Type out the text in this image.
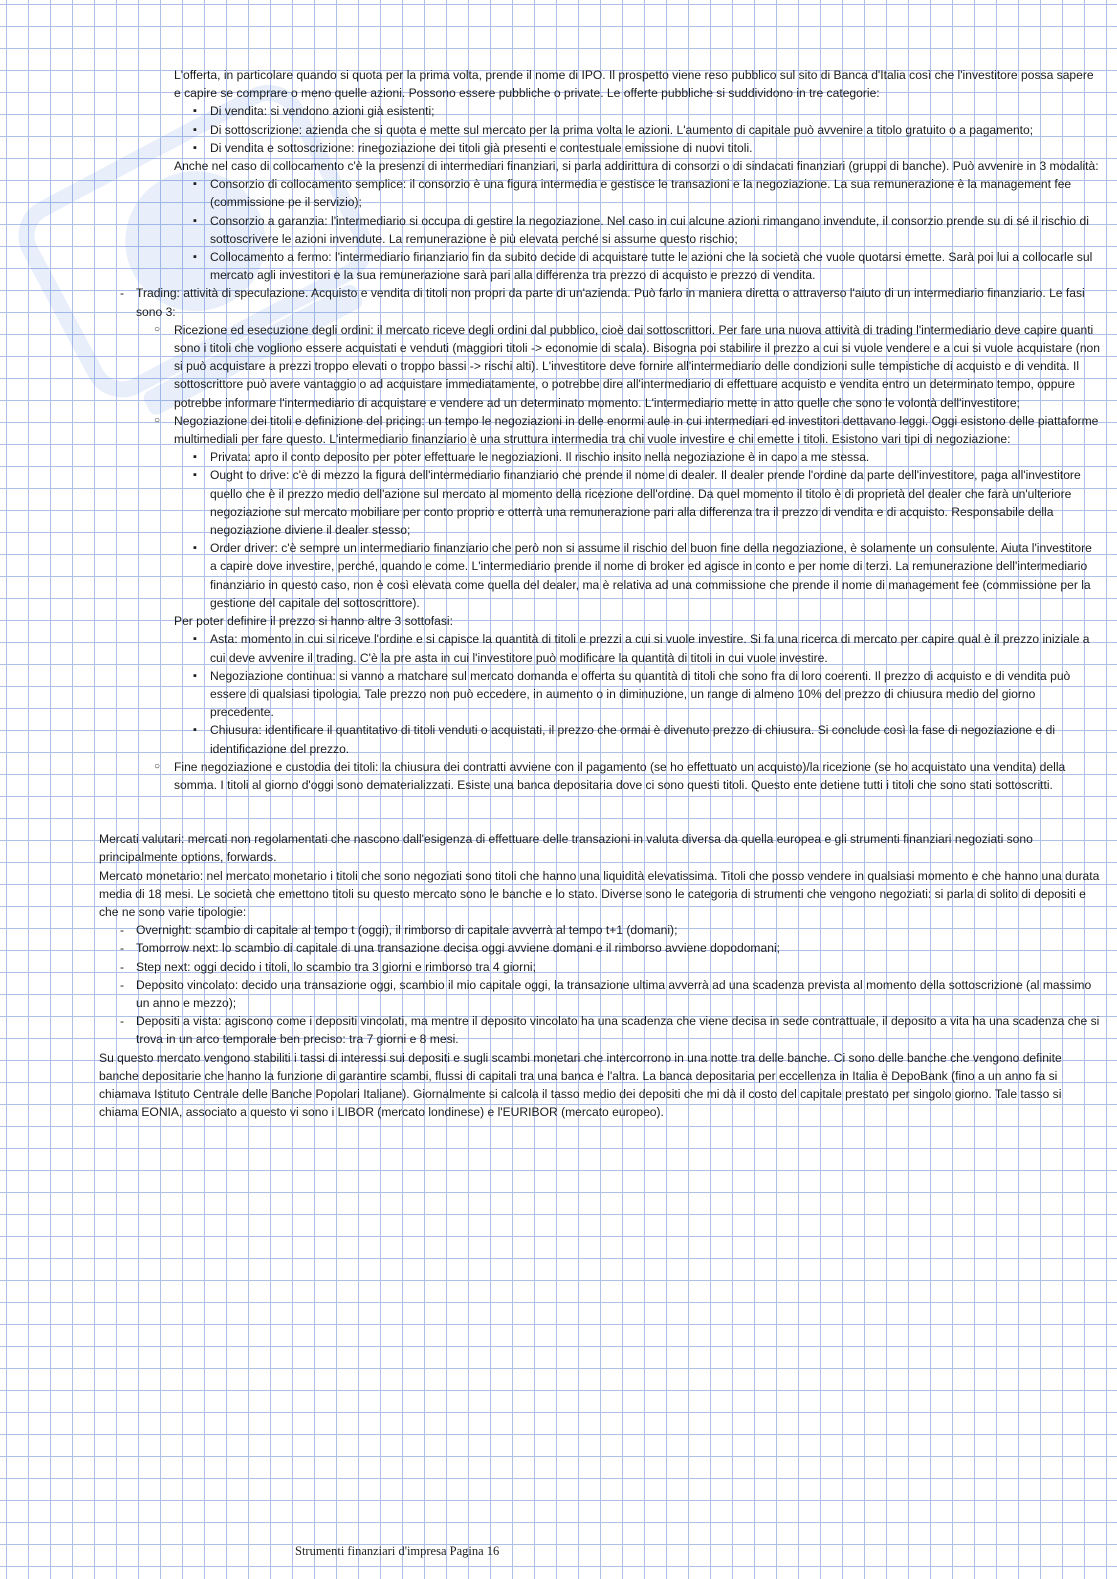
L'offerta, in particolare quando si quota per la prima volta, prende il nome di IPO. Il prospetto viene reso pubblico sul sito di Banca d'Italia così che l'investitore possa sapere e capire se comprare o meno quelle azioni. Possono essere pubbliche o private. Le offerte pubbliche si suddividono in tre categorie:

▪ Di vendita: si vendono azioni già esistenti;
▪ Di sottoscrizione: azienda che si quota e mette sul mercato per la prima volta le azioni. L'aumento di capitale può avvenire a titolo gratuito o a pagamento;
▪ Di vendita e sottoscrizione: rinegoziazione dei titoli già presenti e contestuale emissione di nuovi titoli.

Anche nel caso di collocamento c'è la presenzi di intermediari finanziari, si parla addirittura di consorzi o di sindacati finanziari (gruppi di banche). Può avvenire in 3 modalità:

▪ Consorzio di collocamento semplice: il consorzio è una figura intermedia e gestisce le transazioni e la negoziazione. La sua remunerazione è la management fee (commissione pe il servizio);
▪ Consorzio a garanzia: l'intermediario si occupa di gestire la negoziazione. Nel caso in cui alcune azioni rimangano invendute, il consorzio prende su di sé il rischio di sottoscrivere le azioni invendute. La remunerazione è più elevata perché si assume questo rischio;
▪ Collocamento a fermo: l'intermediario finanziario fin da subito decide di acquistare tutte le azioni che la società che vuole quotarsi emette. Sarà poi lui a collocarle sul mercato agli investitori e la sua remunerazione sarà pari alla differenza tra prezzo di acquisto e prezzo di vendita.

- Trading: attività di speculazione. Acquisto e vendita di titoli non propri da parte di un'azienda. Può farlo in maniera diretta o attraverso l'aiuto di un intermediario finanziario. Le fasi sono 3:

○ Ricezione ed esecuzione degli ordini: il mercato riceve degli ordini dal pubblico, cioè dai sottoscrittori. Per fare una nuova attività di trading l'intermediario deve capire quanti sono i titoli che vogliono essere acquistati e venduti (maggiori titoli -> economie di scala). Bisogna poi stabilire il prezzo a cui si vuole vendere e a cui si vuole acquistare (non si può acquistare a prezzi troppo elevati o troppo bassi -> rischi alti). L'investitore deve fornire all'intermediario delle condizioni sulle tempistiche di acquisto e di vendita. Il sottoscrittore può avere vantaggio o ad acquistare immediatamente, o potrebbe dire all'intermediario di effettuare acquisto e vendita entro un determinato tempo, oppure potrebbe informare l'intermediario di acquistare e vendere ad un determinato momento. L'intermediario mette in atto quelle che sono le volontà dell'investitore;

○ Negoziazione dei titoli e definizione del pricing: un tempo le negoziazioni in delle enormi aule in cui intermediari ed investitori dettavano leggi. Oggi esistono delle piattaforme multimediali per fare questo. L'intermediario finanziario è una struttura intermedia tra chi vuole investire e chi emette i titoli. Esistono vari tipi di negoziazione:

▪ Privata: apro il conto deposito per poter effettuare le negoziazioni. Il rischio insito nella negoziazione è in capo a me stessa.
▪ Ought to drive: c'è di mezzo la figura dell'intermediario finanziario che prende il nome di dealer. Il dealer prende l'ordine da parte dell'investitore, paga all'investitore quello che è il prezzo medio dell'azione sul mercato al momento della ricezione dell'ordine. Da quel momento il titolo è di proprietà del dealer che farà un'ulteriore negoziazione sul mercato mobiliare per conto proprio e otterrà una remunerazione pari alla differenza tra il prezzo di vendita e di acquisto. Responsabile della negoziazione diviene il dealer stesso;
▪ Order driver: c'è sempre un intermediario finanziario che però non si assume il rischio del buon fine della negoziazione, è solamente un consulente. Aiuta l'investitore a capire dove investire, perché, quando e come. L'intermediario prende il nome di broker ed agisce in conto e per nome di terzi. La remunerazione dell'intermediario finanziario in questo caso, non è così elevata come quella del dealer, ma è relativa ad una commissione che prende il nome di management fee (commissione per la gestione del capitale del sottoscrittore).

Per poter definire il prezzo si hanno altre 3 sottofasi:

▪ Asta: momento in cui si riceve l'ordine e si capisce la quantità di titoli e prezzi a cui si vuole investire. Si fa una ricerca di mercato per capire qual è il prezzo iniziale a cui deve avvenire il trading. C'è la pre asta in cui l'investitore può modificare la quantità di titoli in cui vuole investire.
▪ Negoziazione continua: si vanno a matchare sul mercato domanda e offerta su quantità di titoli che sono fra di loro coerenti. Il prezzo di acquisto e di vendita può essere di qualsiasi tipologia. Tale prezzo non può eccedere, in aumento o in diminuzione, un range di almeno 10% del prezzo di chiusura medio del giorno precedente.
▪ Chiusura: identificare il quantitativo di titoli venduti o acquistati, il prezzo che ormai è divenuto prezzo di chiusura. Si conclude così la fase di negoziazione e di identificazione del prezzo.

○ Fine negoziazione e custodia dei titoli: la chiusura dei contratti avviene con il pagamento (se ho effettuato un acquisto)/la ricezione (se ho acquistato una vendita) della somma. I titoli al giorno d'oggi sono dematerializzati. Esiste una banca depositaria dove ci sono questi titoli. Questo ente detiene tutti i titoli che sono stati sottoscritti.

Mercati valutari: mercati non regolamentati che nascono dall'esigenza di effettuare delle transazioni in valuta diversa da quella europea e gli strumenti finanziari negoziati sono principalmente options, forwards.

Mercato monetario: nel mercato monetario i titoli che sono negoziati sono titoli che hanno una liquidità elevatissima. Titoli che posso vendere in qualsiasi momento e che hanno una durata media di 18 mesi. Le società che emettono titoli su questo mercato sono le banche e lo stato. Diverse sono le categoria di strumenti che vengono negoziati: si parla di solito di depositi e che ne sono varie tipologie:

- Overnight: scambio di capitale al tempo t (oggi), il rimborso di capitale avverrà al tempo t+1 (domani);
- Tomorrow next: lo scambio di capitale di una transazione decisa oggi avviene domani e il rimborso avviene dopodomani;
- Step next: oggi decido i titoli, lo scambio tra 3 giorni e rimborso tra 4 giorni;
- Deposito vincolato: decido una transazione oggi, scambio il mio capitale oggi, la transazione ultima avverrà ad una scadenza prevista al momento della sottoscrizione (al massimo un anno e mezzo);
- Depositi a vista: agiscono come i depositi vincolati, ma mentre il deposito vincolato ha una scadenza che viene decisa in sede contrattuale, il deposito a vita ha una scadenza che si trova in un arco temporale ben preciso: tra 7 giorni e 8 mesi.

Su questo mercato vengono stabiliti i tassi di interessi sui depositi e sugli scambi monetari che intercorrono in una notte tra delle banche. Ci sono delle banche che vengono definite banche depositarie che hanno la funzione di garantire scambi, flussi di capitali tra una banca e l'altra. La banca depositaria per eccellenza in Italia è DepoBank (fino a un anno fa si chiamava Istituto Centrale delle Banche Popolari Italiane). Giornalmente si calcola il tasso medio dei depositi che mi dà il costo del capitale prestato per singolo giorno. Tale tasso si chiama EONIA, associato a questo vi sono i LIBOR (mercato londinese) e l'EURIBOR (mercato europeo).

Strumenti finanziari d'impresa Pagina 16
